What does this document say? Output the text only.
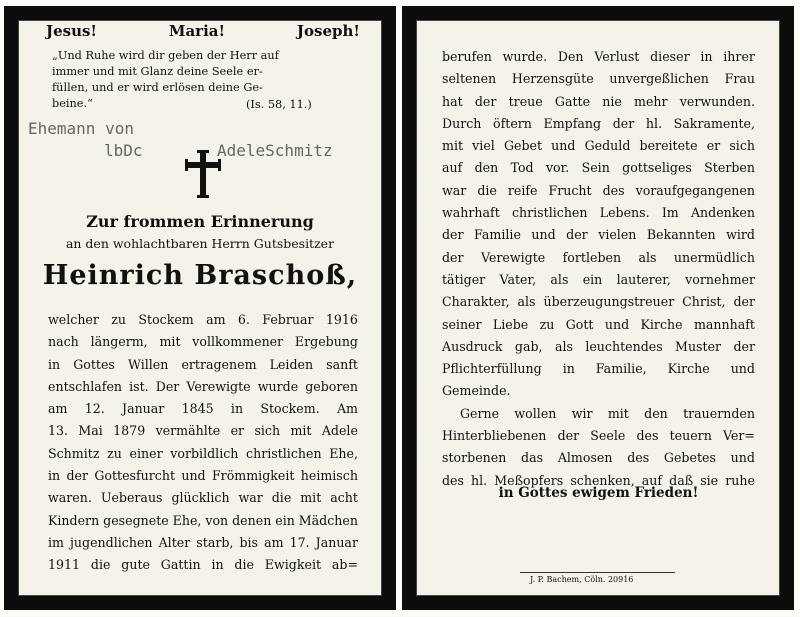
Jesus!	Maria!	Joseph!
„Und Ruhe wird dir geben der Herr auf
immer und mit Glanz deine Seele er-
füllen, und er wird erlösen deine Ge-
beine.“	(Is. 58, 11.)
Ehemann von
lbDc	AdeleSchmitz
Zur frommen Erinnerung
an den wohlachtbaren Herrn Gutsbesitzer
Heinrich Braschoß,
welcher zu Stockem am 6. Februar 1916
nach längerm, mit vollkommener Ergebung
in Gottes Willen ertragenem Leiden sanft
entschlafen ist. Der Verewigte wurde geboren
am 12. Januar 1845 in Stockem. Am
13. Mai 1879 vermählte er sich mit Adele
Schmitz zu einer vorbildlich christlichen Ehe,
in der Gottesfurcht und Frömmigkeit heimisch
waren. Ueberaus glücklich war die mit acht
Kindern gesegnete Ehe, von denen ein Mädchen
im jugendlichen Alter starb, bis am 17. Januar
1911 die gute Gattin in die Ewigkeit ab=
berufen wurde. Den Verlust dieser in ihrer
seltenen Herzensgüte unvergeßlichen Frau
hat der treue Gatte nie mehr verwunden.
Durch öftern Empfang der hl. Sakramente,
mit viel Gebet und Geduld bereitete er sich
auf den Tod vor. Sein gottseliges Sterben
war die reife Frucht des voraufgegangenen
wahrhaft christlichen Lebens. Im Andenken
der Familie und der vielen Bekannten wird
der Verewigte fortleben als unermüdlich
tätiger Vater, als ein lauterer, vornehmer
Charakter, als überzeugungstreuer Christ, der
seiner Liebe zu Gott und Kirche mannhaft
Ausdruck gab, als leuchtendes Muster der
Pflichterfüllung in Familie, Kirche und
Gemeinde.
Gerne wollen wir mit den trauernden
Hinterbliebenen der Seele des teuern Ver=
storbenen das Almosen des Gebetes und
des hl. Meßopfers schenken, auf daß sie ruhe
in Gottes ewigem Frieden!
J. P. Bachem, Cöln. 20916
